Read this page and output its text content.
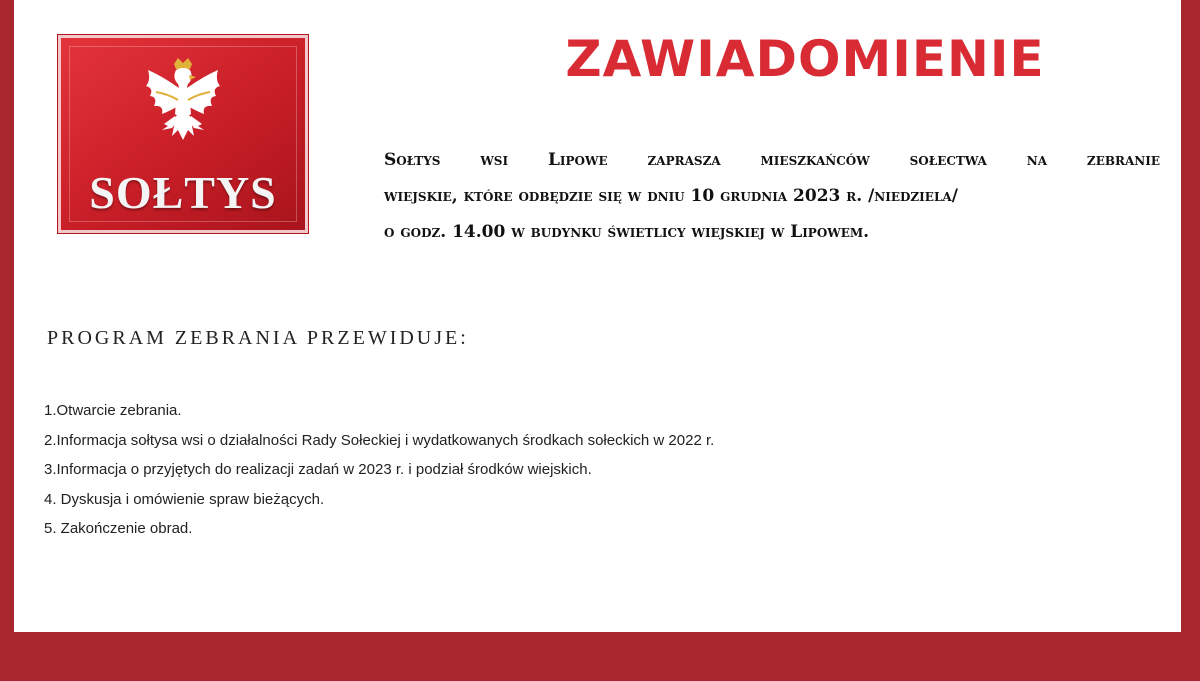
SOŁTYS
ZAWIADOMIENIE
Sołtys wsi Lipowe zaprasza mieszkańców sołectwa na zebranie
wiejskie, które odbędzie się w dniu 10 grudnia 2023 r. /niedziela/
o godz. 14.00 w budynku świetlicy wiejskiej w Lipowem.
PROGRAM ZEBRANIA PRZEWIDUJE:
1.Otwarcie zebrania.
2.Informacja sołtysa wsi o działalności Rady Sołeckiej i wydatkowanych środkach sołeckich w 2022 r.
3.Informacja o przyjętych do realizacji zadań w 2023 r. i podział środków wiejskich.
4. Dyskusja i omówienie spraw bieżących.
5. Zakończenie obrad.
